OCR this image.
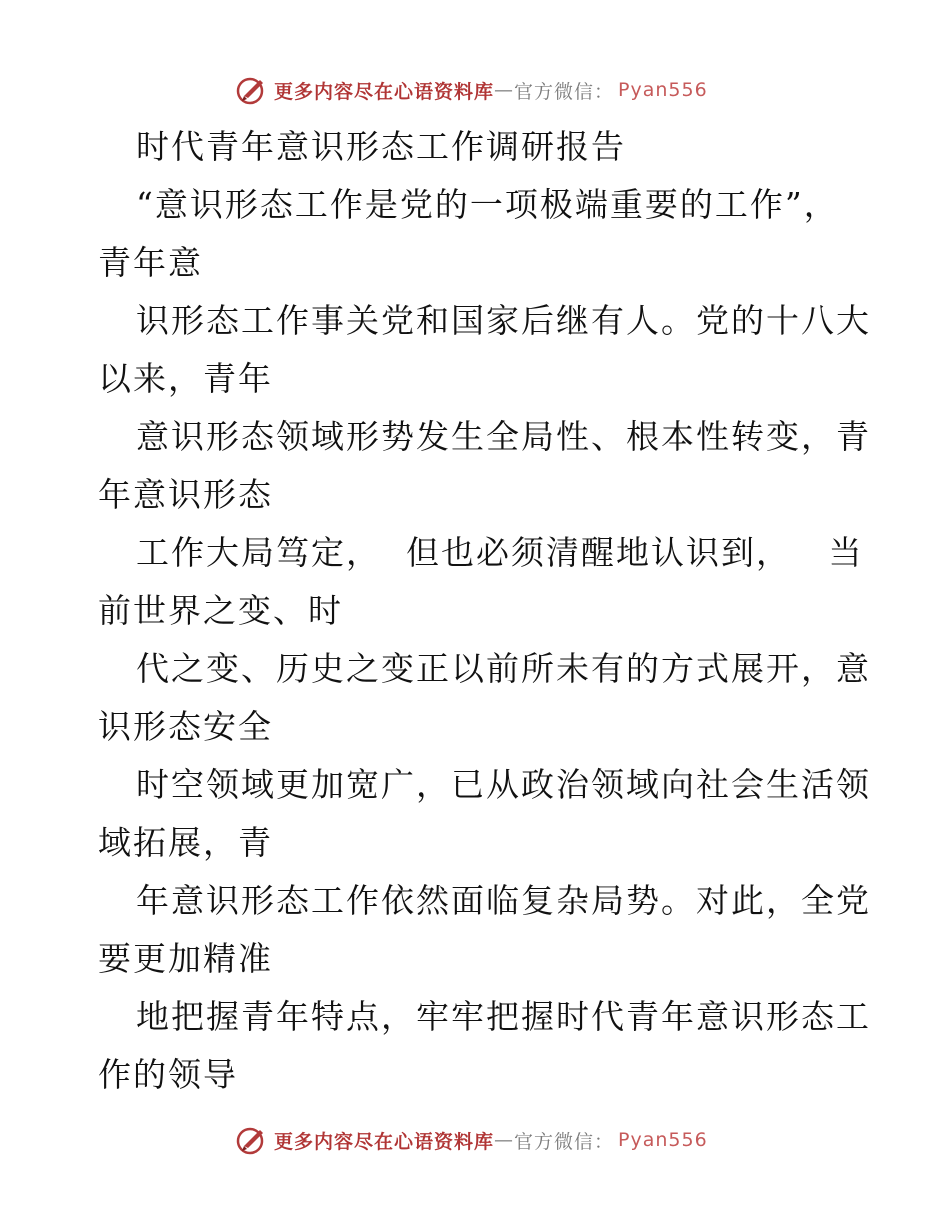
更多内容尽在心语资料库 — 官方微信： Pyan556
时代青年意识形态工作调研报告
“意识形态工作是党的一项极端重要的工作”，
青年意
识形态工作事关党和国家后继有人。党的十八大
以来，青年
意识形态领域形势发生全局性、根本性转变，青
年意识形态
工作大局笃定，  但也必须清醒地认识到，   当
前世界之变、时
代之变、历史之变正以前所未有的方式展开，意
识形态安全
时空领域更加宽广，已从政治领域向社会生活领
域拓展，青
年意识形态工作依然面临复杂局势。对此，全党
要更加精准
地把握青年特点，牢牢把握时代青年意识形态工
作的领导
更多内容尽在心语资料库 — 官方微信： Pyan556
